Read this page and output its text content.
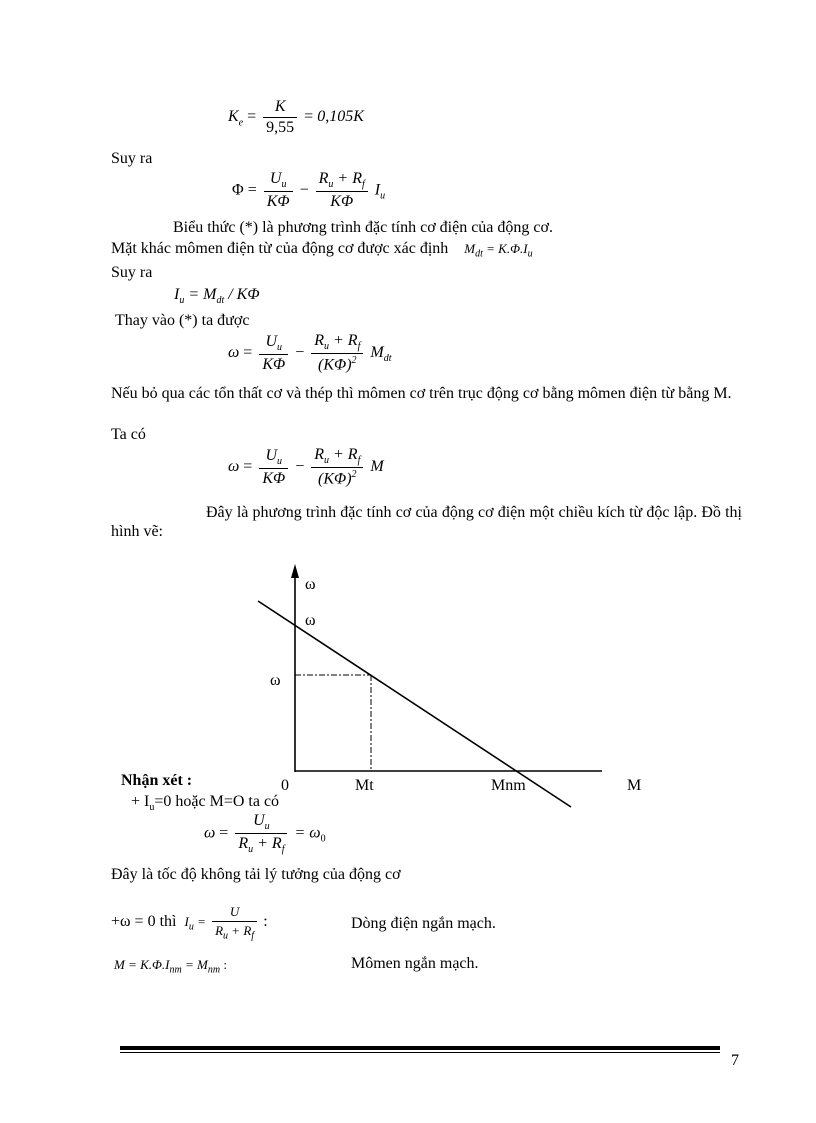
$K_e = \frac{K}{9,55} = 0,105K$
Suy ra
$\Phi = \frac{U_u}{K\Phi} - \frac{R_u + R_f}{K\Phi} I_u$
Biểu thức (*) là phương trình đặc tính cơ điện của động cơ.
Mặt khác mômen điện từ của động cơ được xác định $M_{dt} = K.\Phi.I_u$
Suy ra
$I_u = M_{dt} / K\Phi$
Thay vào (*) ta được
$\omega = \frac{U_u}{K\Phi} - \frac{R_u + R_f}{(K\Phi)^2} M_{dt}$
Nếu bỏ qua các tổn thất cơ và thép thì mômen cơ trên trục động cơ bằng mômen điện từ bằng M.
Ta có
$\omega = \frac{U_u}{K\Phi} - \frac{R_u + R_f}{(K\Phi)^2}$ M
Đây là phương trình đặc tính cơ của động cơ điện một chiều kích từ độc lập. Đồ thị hình vẽ:
ω
ω
ω
0	Mt	Mnm	M
Nhận xét :
+ $I_u=0$ hoặc M=O ta có
$\omega = \frac{U_u}{R_u + R_f} = \omega_0$
Đây là tốc độ không tải lý tưởng của động cơ
+ω = 0 thì $I_u = \frac{U}{R_u + R_f}$ :	Dòng điện ngắn mạch.
$M = K.\Phi.I_{nm} = M_{nm}$ :	Mômen ngắn mạch.
7
